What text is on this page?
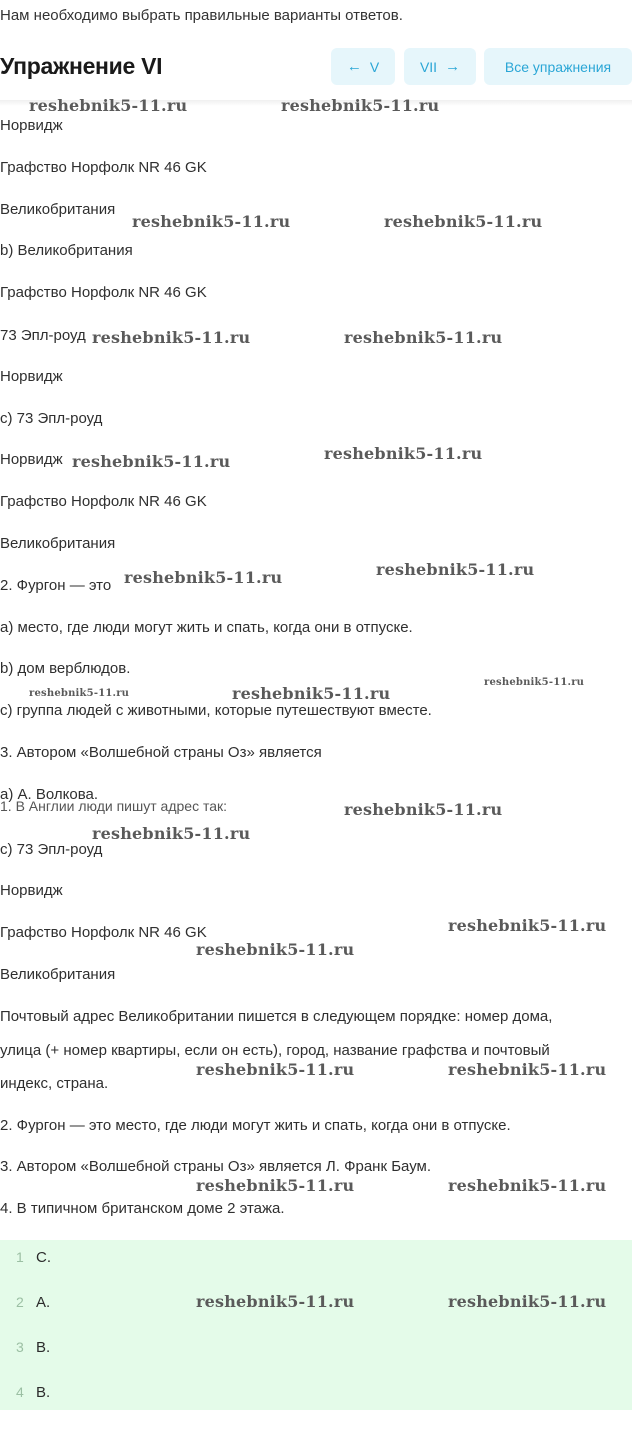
Нам необходимо выбрать правильные варианты ответов.
Упражнение VI	← V	VII →	Все упражнения
Норвидж
Графство Норфолк NR 46 GK
Великобритания
b) Великобритания
Графство Норфолк NR 46 GK
73 Эпл-роуд
Норвидж
c) 73 Эпл-роуд
Норвидж
Графство Норфолк NR 46 GK
Великобритания
2. Фургон — это
a) место, где люди могут жить и спать, когда они в отпуске.
b) дом верблюдов.
c) группа людей с животными, которые путешествуют вместе.
3. Автором «Волшебной страны Оз» является
a) А. Волкова.
1. В Англии люди пишут адрес так:
c) 73 Эпл-роуд
Норвидж
Графство Норфолк NR 46 GK
Великобритания
Почтовый адрес Великобритании пишется в следующем порядке: номер дома,
улица (+ номер квартиры, если он есть), город, название графства и почтовый
индекс, страна.
2. Фургон — это место, где люди могут жить и спать, когда они в отпуске.
3. Автором «Волшебной страны Оз» является Л. Франк Баум.
4. В типичном британском доме 2 этажа.
reshebnik5-11.ru	reshebnik5-11.ru
reshebnik5-11.ru	reshebnik5-11.ru
reshebnik5-11.ru	reshebnik5-11.ru
reshebnik5-11.ru	reshebnik5-11.ru
reshebnik5-11.ru	reshebnik5-11.ru
reshebnik5-11.ru	reshebnik5-11.ru
reshebnik5-11.ru
reshebnik5-11.ru
reshebnik5-11.ru
reshebnik5-11.ru
reshebnik5-11.ru
reshebnik5-11.ru	reshebnik5-11.ru
reshebnik5-11.ru	reshebnik5-11.ru
1 C.
2 A.
3 B.
4 B.
reshebnik5-11.ru	reshebnik5-11.ru
